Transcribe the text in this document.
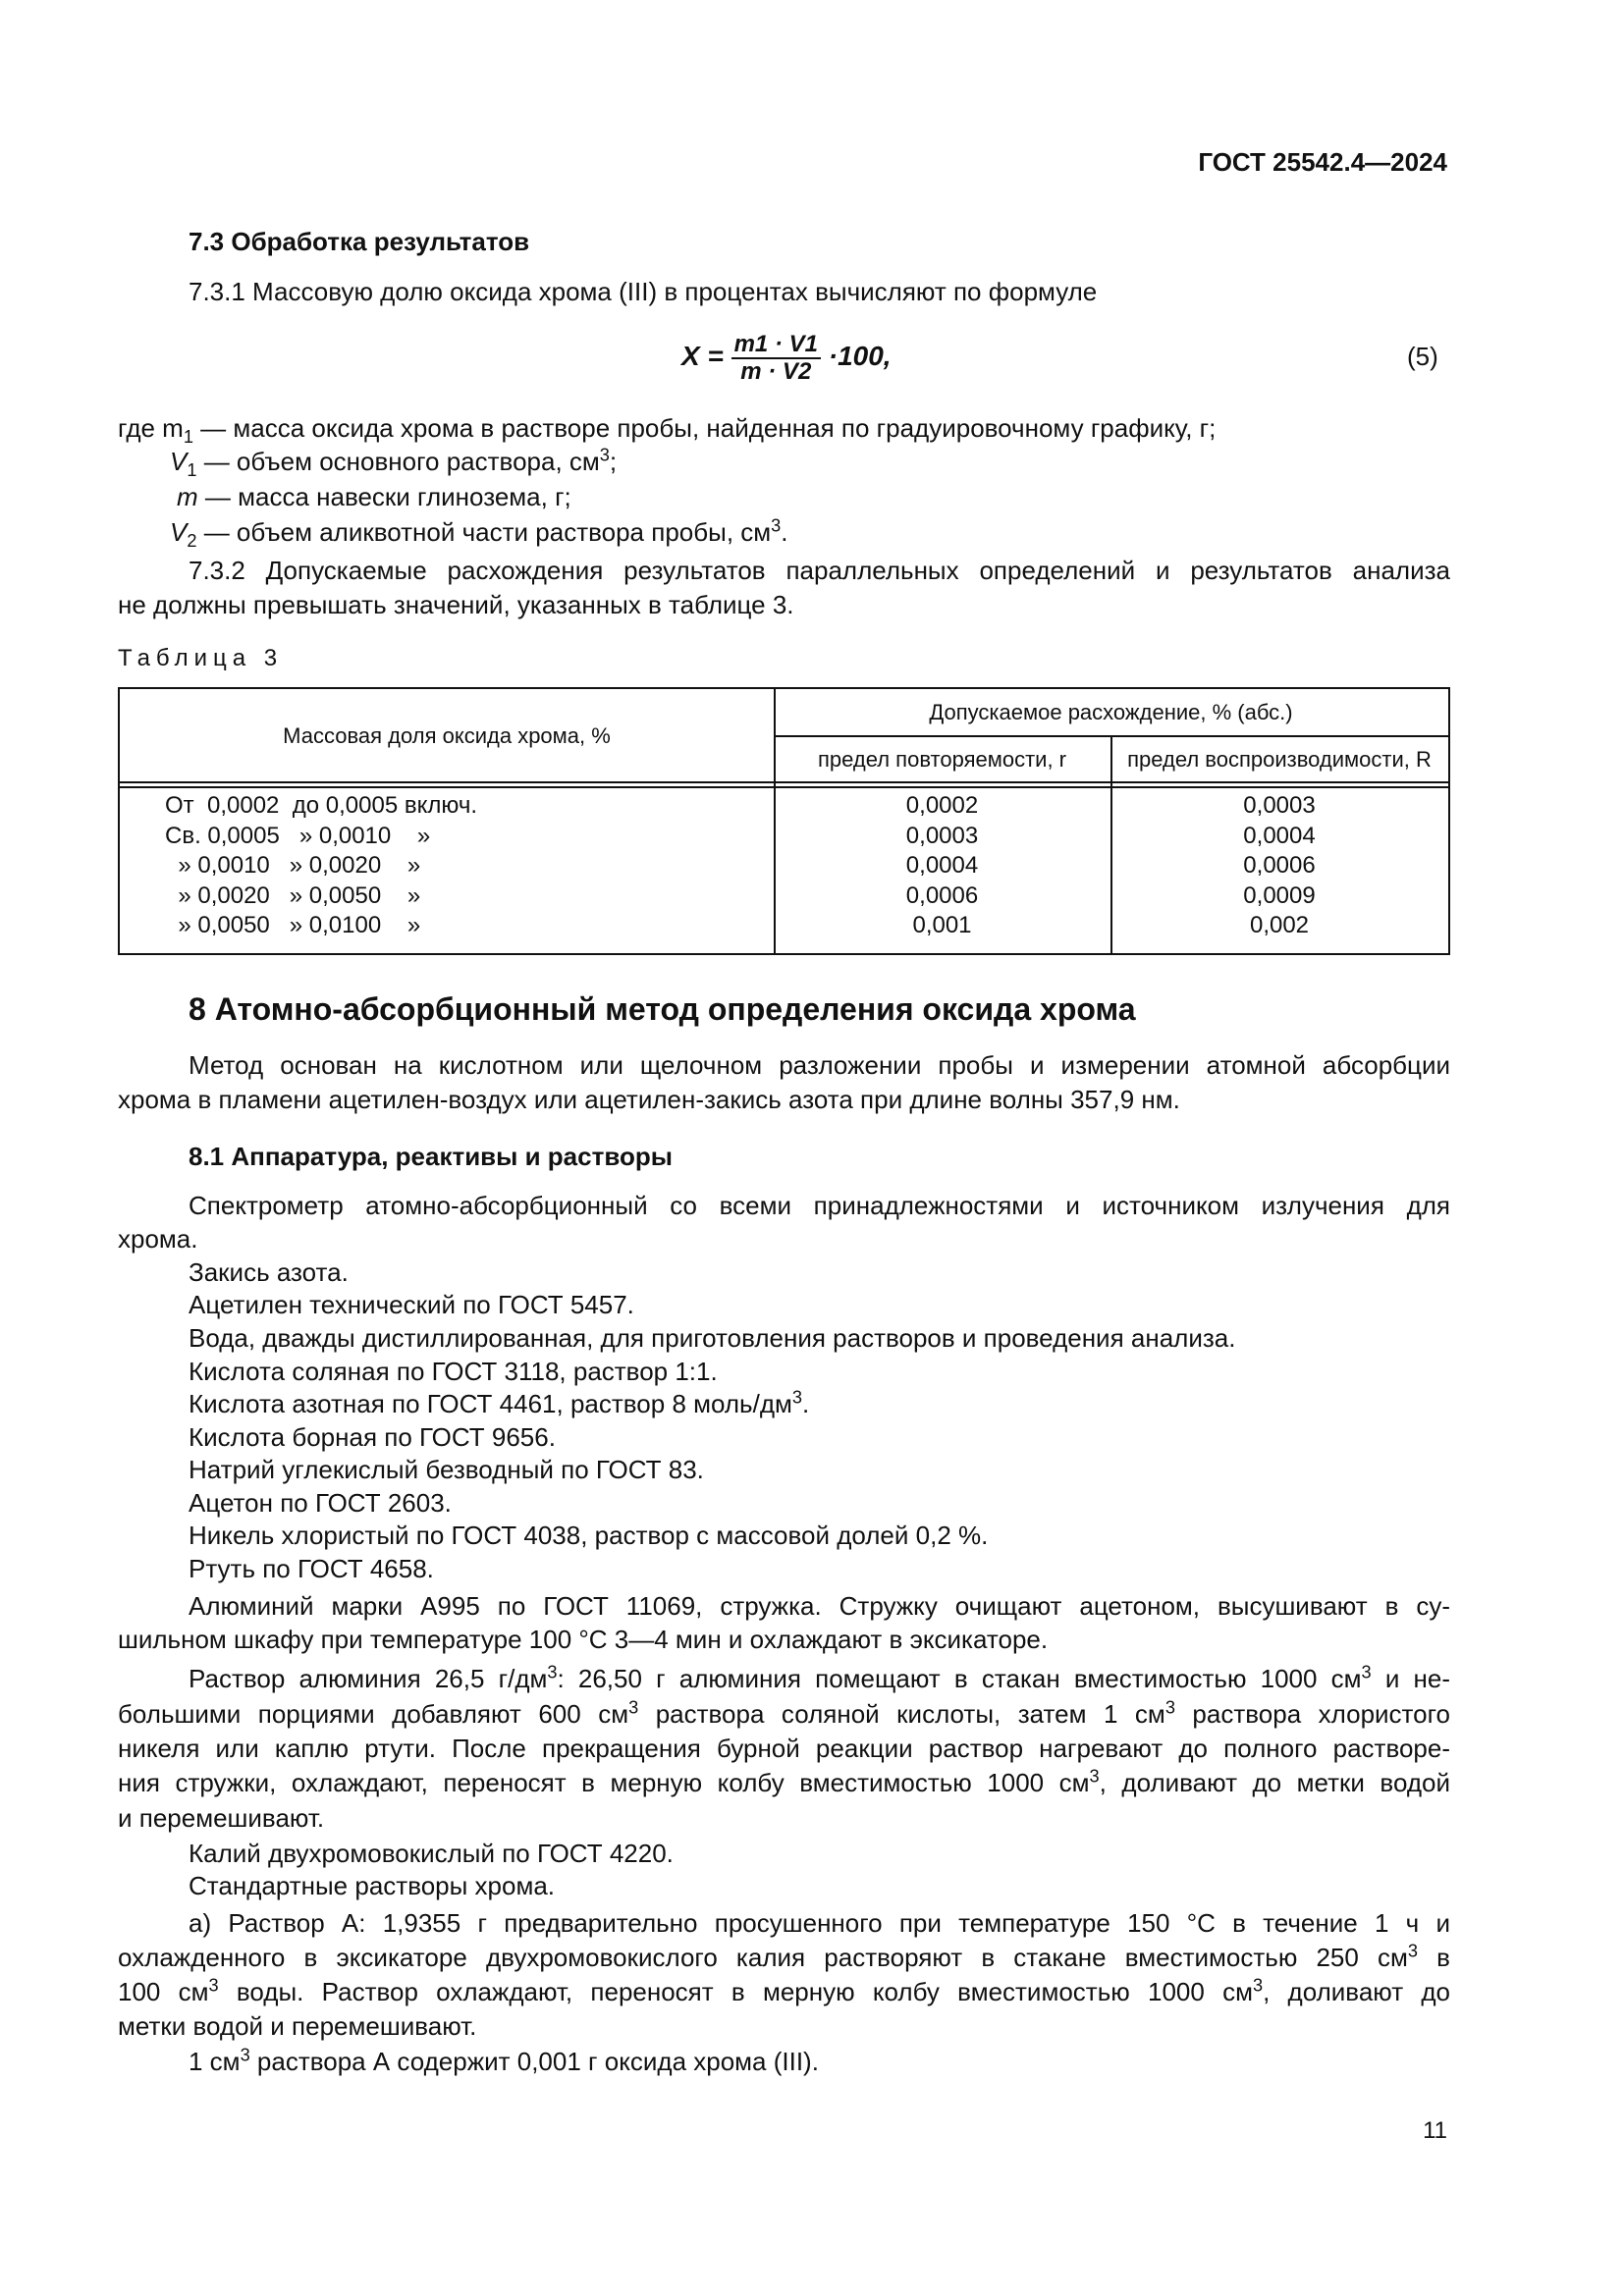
ГОСТ 25542.4—2024
7.3 Обработка результатов
7.3.1 Массовую долю оксида хрома (III) в процентах вычисляют по формуле
$X = \frac{m1 \cdot V1}{m \cdot V2} \cdot 100$,	(5)
где $m_1$ — масса оксида хрома в растворе пробы, найденная по градуировочному графику, г;
$V_1$ — объем основного раствора, $см^3$;
m — масса навески глинозема, г;
$V_2$ — объем аликвотной части раствора пробы, $см^3$.
7.3.2 Допускаемые расхождения результатов параллельных определений и результатов анализа
не должны превышать значений, указанных в таблице 3.
Таблица 3
Массовая доля оксида хрома, %
Допускаемое расхождение, % (абс.)
предел повторяемости, r	предел воспроизводимости, R
От  0,0002  до 0,0005 включ.
Св. 0,0005   » 0,0010    »
» 0,0010   » 0,0020    »
» 0,0020   » 0,0050    »
» 0,0050   » 0,0100    »
0,0002
0,0003
0,0004
0,0006
0,001
0,0003
0,0004
0,0006
0,0009
0,002
8 Атомно-абсорбционный метод определения оксида хрома
Метод основан на кислотном или щелочном разложении пробы и измерении атомной абсорбции
хрома в пламени ацетилен-воздух или ацетилен-закись азота при длине волны 357,9 нм.
8.1 Аппаратура, реактивы и растворы
Спектрометр атомно-абсорбционный со всеми принадлежностями и источником излучения для
хрома.
Закись азота.
Ацетилен технический по ГОСТ 5457.
Вода, дважды дистиллированная, для приготовления растворов и проведения анализа.
Кислота соляная по ГОСТ 3118, раствор 1:1.
Кислота азотная по ГОСТ 4461, раствор 8 моль/$дм^3$.
Кислота борная по ГОСТ 9656.
Натрий углекислый безводный по ГОСТ 83.
Ацетон по ГОСТ 2603.
Никель хлористый по ГОСТ 4038, раствор с массовой долей 0,2 %.
Ртуть по ГОСТ 4658.
Алюминий марки А995 по ГОСТ 11069, стружка. Стружку очищают ацетоном, высушивают в су-
шильном шкафу при температуре 100 °С 3—4 мин и охлаждают в эксикаторе.
Раствор алюминия 26,5 $г/дм^3$: 26,50 г алюминия помещают в стакан вместимостью 1000 $см^3$ и не-
большими порциями добавляют 600 $см^3$ раствора соляной кислоты, затем 1 $см^3$ раствора хлористого
никеля или каплю ртути. После прекращения бурной реакции раствор нагревают до полного растворе-
ния стружки, охлаждают, переносят в мерную колбу вместимостью 1000 $см^3$, доливают до метки водой
и перемешивают.
Калий двухромовокислый по ГОСТ 4220.
Стандартные растворы хрома.
а) Раствор А: 1,9355 г предварительно просушенного при температуре 150 °С в течение 1 ч и
охлажденного в эксикаторе двухромовокислого калия растворяют в стакане вместимостью 250 $см^3$ в
100 $см^3$ воды. Раствор охлаждают, переносят в мерную колбу вместимостью 1000 $см^3$, доливают до
метки водой и перемешивают.
1 $см^3$ раствора А содержит 0,001 г оксида хрома (III).
11
